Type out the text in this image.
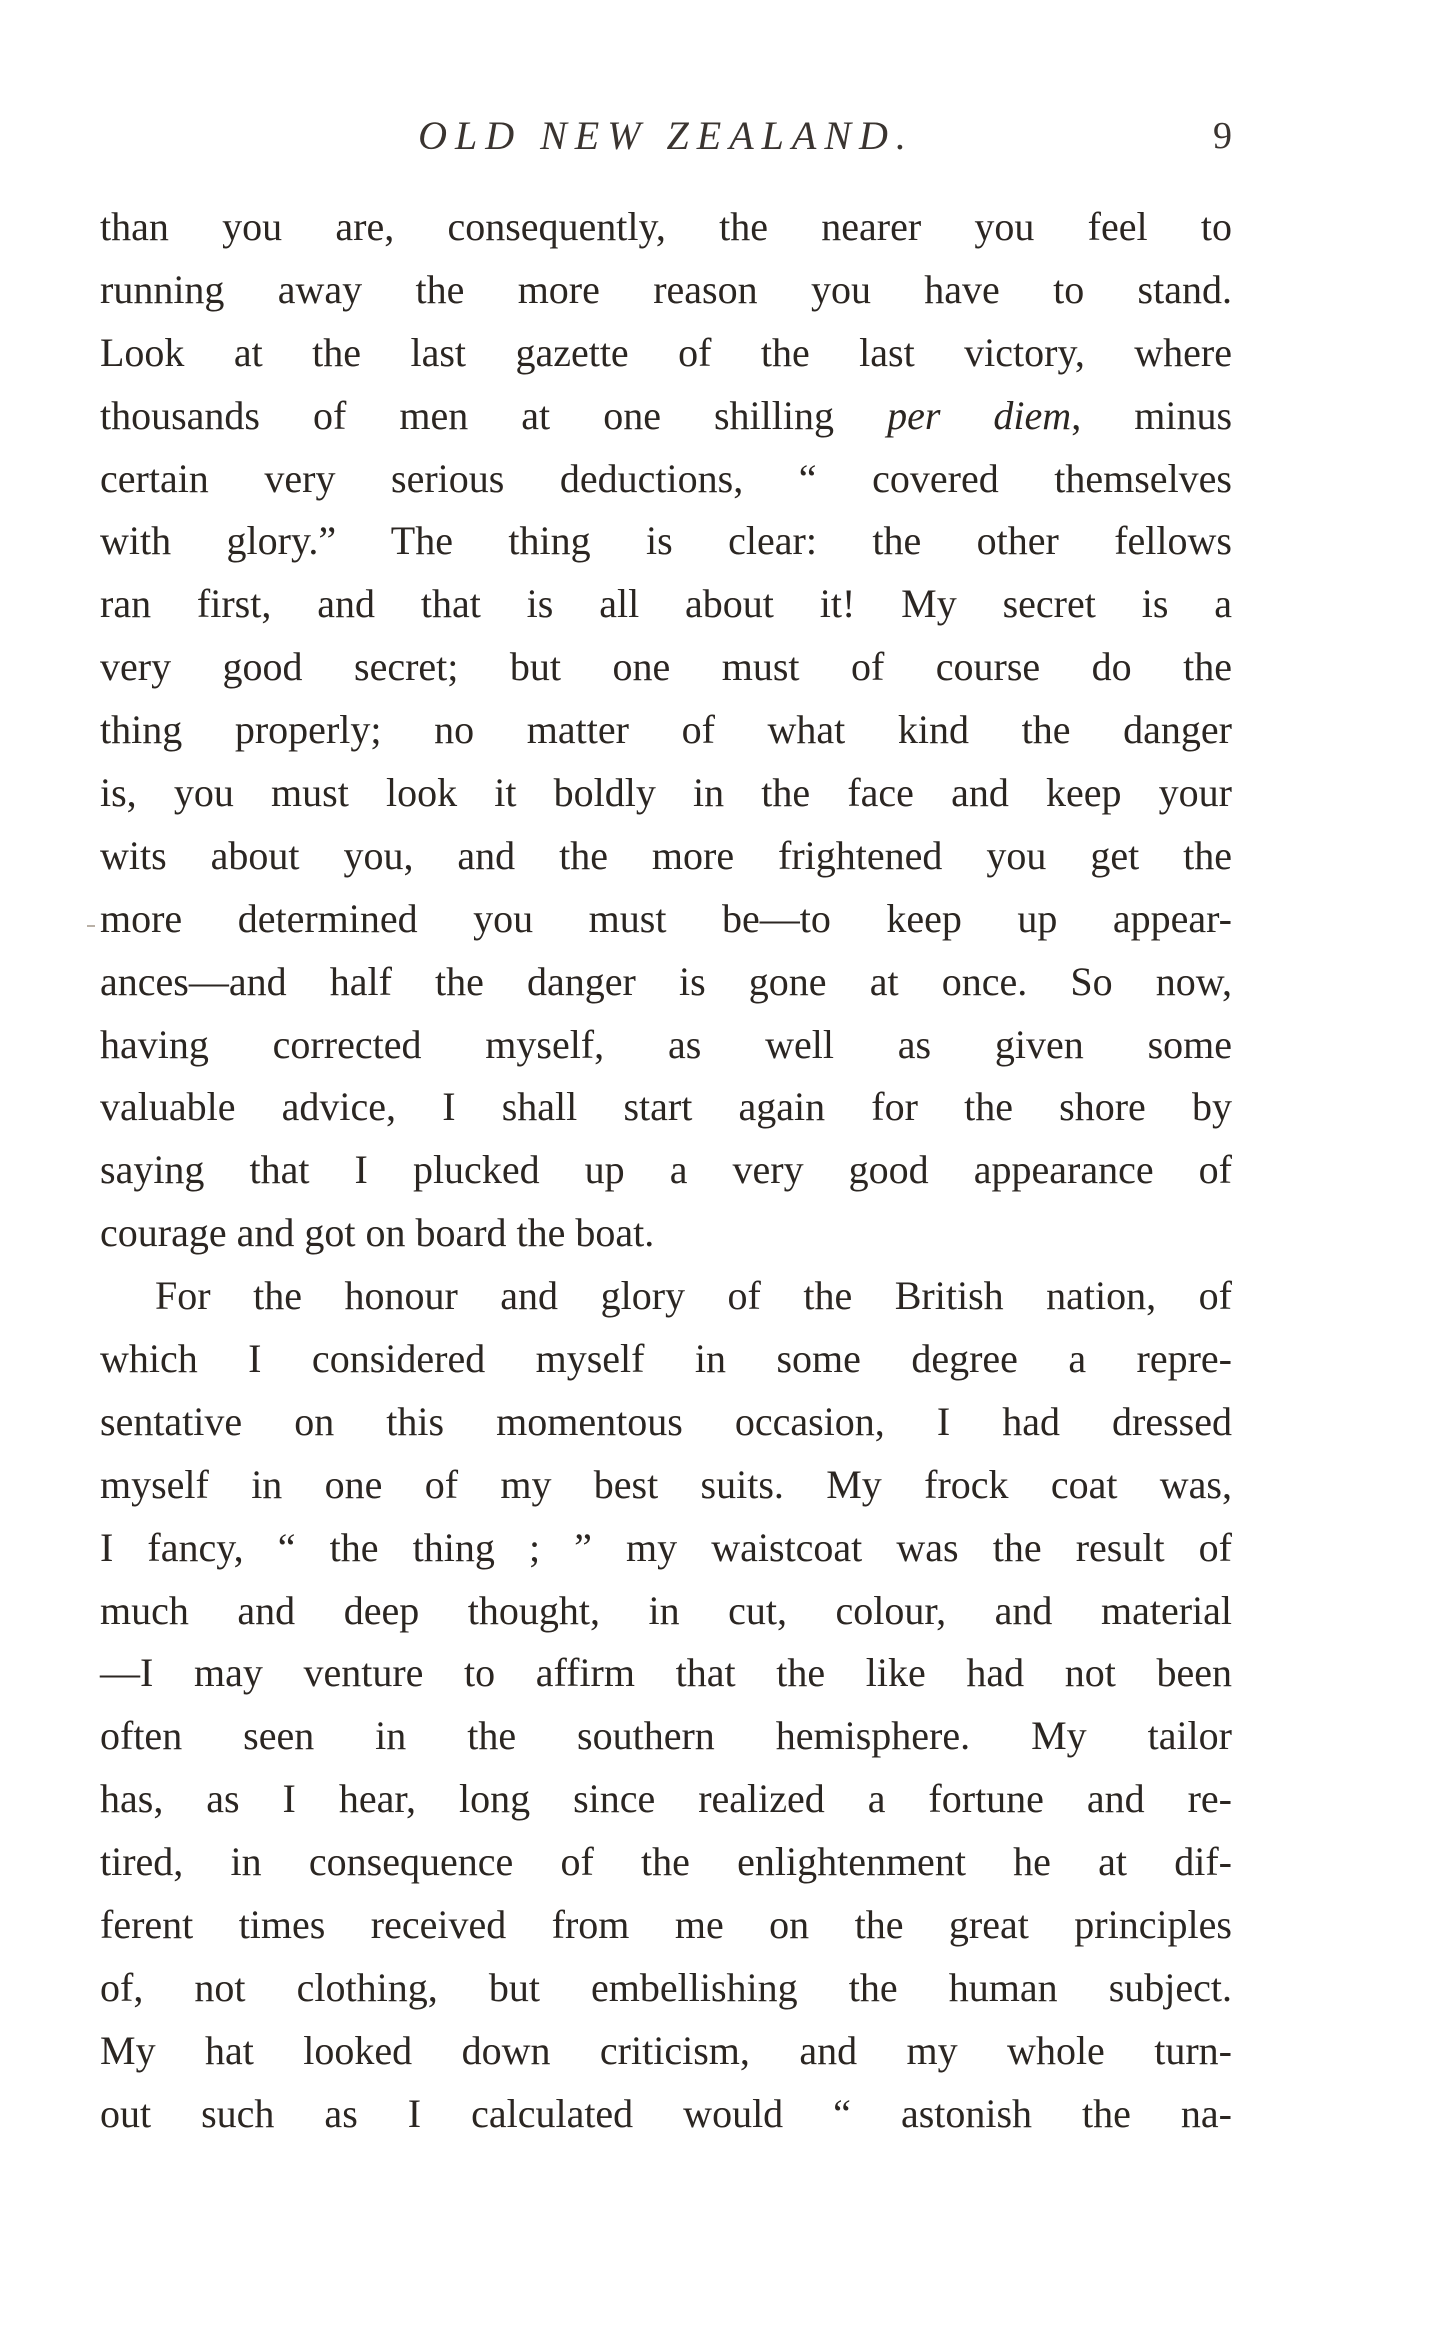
OLD NEW ZEALAND.	9
than you are, consequently, the nearer you feel to
running away the more reason you have to stand.
Look at the last gazette of the last victory, where
thousands of men at one shilling per diem, minus
certain very serious deductions, “ covered themselves
with glory.” The thing is clear: the other fellows
ran first, and that is all about it! My secret is a
very good secret; but one must of course do the
thing properly; no matter of what kind the danger
is, you must look it boldly in the face and keep your
wits about you, and the more frightened you get the
more determined you must be—to keep up appear-
ances—and half the danger is gone at once. So now,
having corrected myself, as well as given some
valuable advice, I shall start again for the shore by
saying that I plucked up a very good appearance of
courage and got on board the boat.
For the honour and glory of the British nation, of
which I considered myself in some degree a repre-
sentative on this momentous occasion, I had dressed
myself in one of my best suits. My frock coat was,
I fancy, “ the thing ; ” my waistcoat was the result of
much and deep thought, in cut, colour, and material
—I may venture to affirm that the like had not been
often seen in the southern hemisphere. My tailor
has, as I hear, long since realized a fortune and re-
tired, in consequence of the enlightenment he at dif-
ferent times received from me on the great principles
of, not clothing, but embellishing the human subject.
My hat looked down criticism, and my whole turn-
out such as I calculated would “ astonish the na-
